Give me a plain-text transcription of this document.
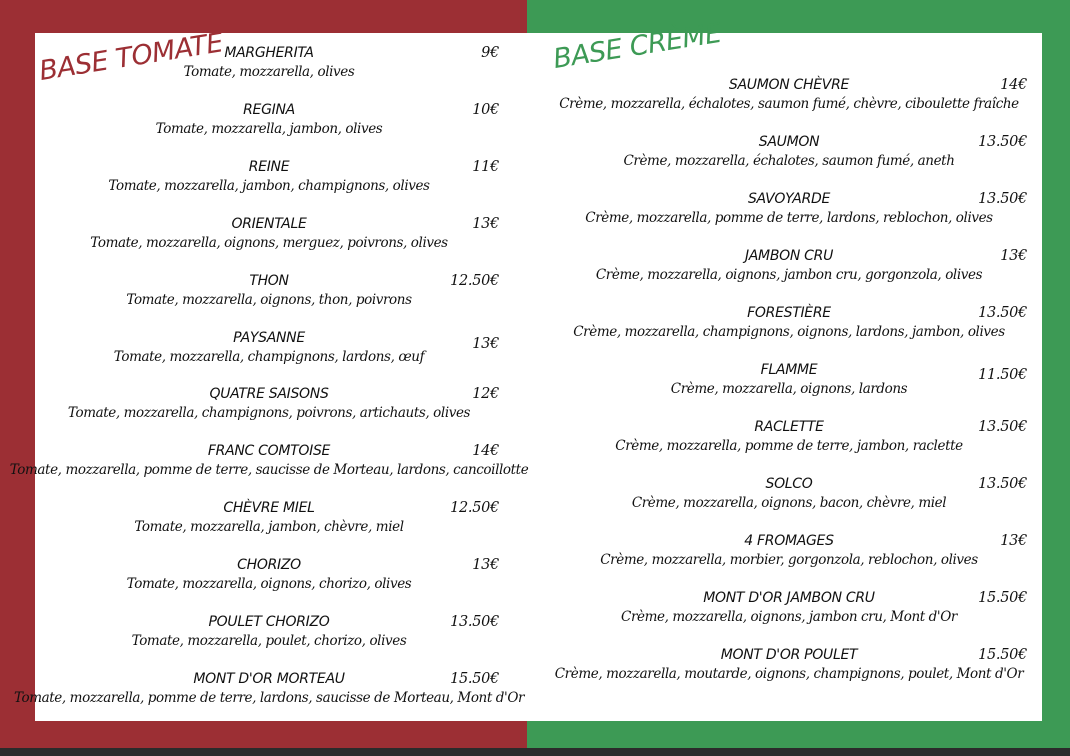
BASE TOMATE	BASE CRÈME
MARGHERITA
Tomate, mozzarella, olives
9€
REGINA
Tomate, mozzarella, jambon, olives
10€
REINE
Tomate, mozzarella, jambon, champignons, olives
11€
ORIENTALE
Tomate, mozzarella, oignons, merguez, poivrons, olives
13€
THON
Tomate, mozzarella, oignons, thon, poivrons
12.50€
PAYSANNE
Tomate, mozzarella, champignons, lardons, œuf
13€
QUATRE SAISONS
Tomate, mozzarella, champignons, poivrons, artichauts, olives
12€
FRANC COMTOISE
Tomate, mozzarella, pomme de terre, saucisse de Morteau, lardons, cancoillotte
14€
CHÈVRE MIEL
Tomate, mozzarella, jambon, chèvre, miel
12.50€
CHORIZO
Tomate, mozzarella, oignons, chorizo, olives
13€
POULET CHORIZO
Tomate, mozzarella, poulet, chorizo, olives
13.50€
MONT D'OR MORTEAU
Tomate, mozzarella, pomme de terre, lardons, saucisse de Morteau, Mont d'Or
15.50€
SAUMON CHÈVRE
Crème, mozzarella, échalotes, saumon fumé, chèvre, ciboulette fraîche
14€
SAUMON
Crème, mozzarella, échalotes, saumon fumé, aneth
13.50€
SAVOYARDE
Crème, mozzarella, pomme de terre, lardons, reblochon, olives
13.50€
JAMBON CRU
Crème, mozzarella, oignons, jambon cru, gorgonzola, olives
13€
FORESTIÈRE
Crème, mozzarella, champignons, oignons, lardons, jambon, olives
13.50€
FLAMME
Crème, mozzarella, oignons, lardons
11.50€
RACLETTE
Crème, mozzarella, pomme de terre, jambon, raclette
13.50€
SOLCO
Crème, mozzarella, oignons, bacon, chèvre, miel
13.50€
4 FROMAGES
Crème, mozzarella, morbier, gorgonzola, reblochon, olives
13€
MONT D'OR JAMBON CRU
Crème, mozzarella, oignons, jambon cru, Mont d'Or
15.50€
MONT D'OR POULET
Crème, mozzarella, moutarde, oignons, champignons, poulet, Mont d'Or
15.50€
